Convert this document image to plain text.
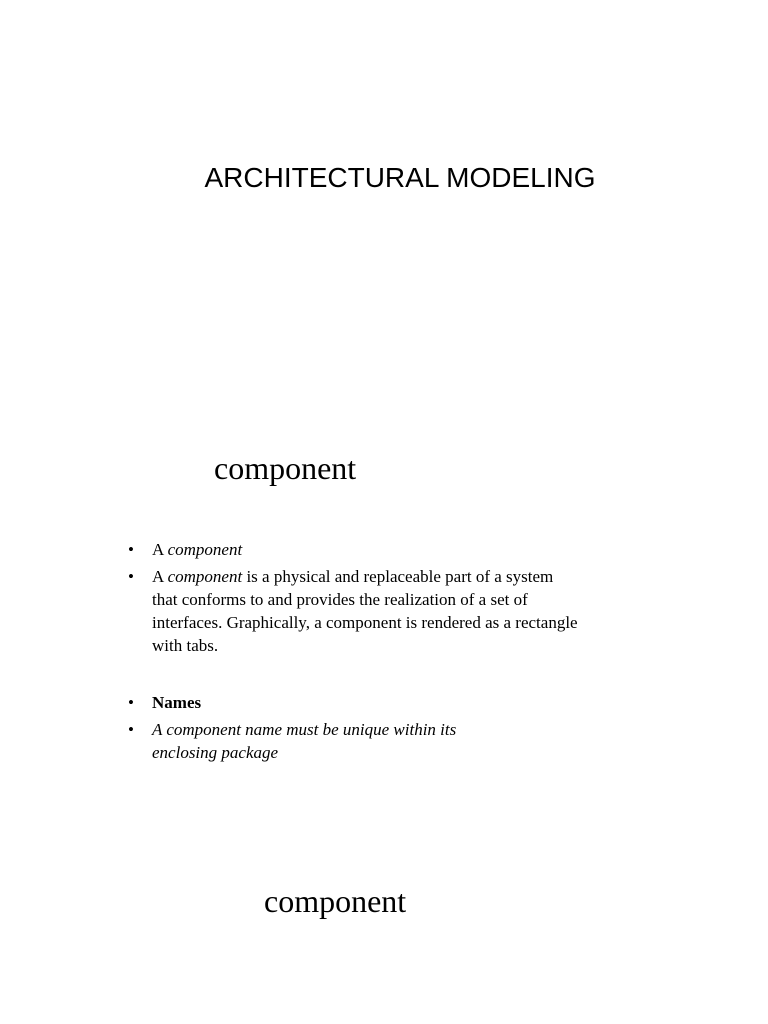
ARCHITECTURAL MODELING
component
• A component
• A component is a physical and replaceable part of a system
that conforms to and provides the realization of a set of
interfaces. Graphically, a component is rendered as a rectangle
with tabs.
• Names
• A component name must be unique within its
enclosing package
component
